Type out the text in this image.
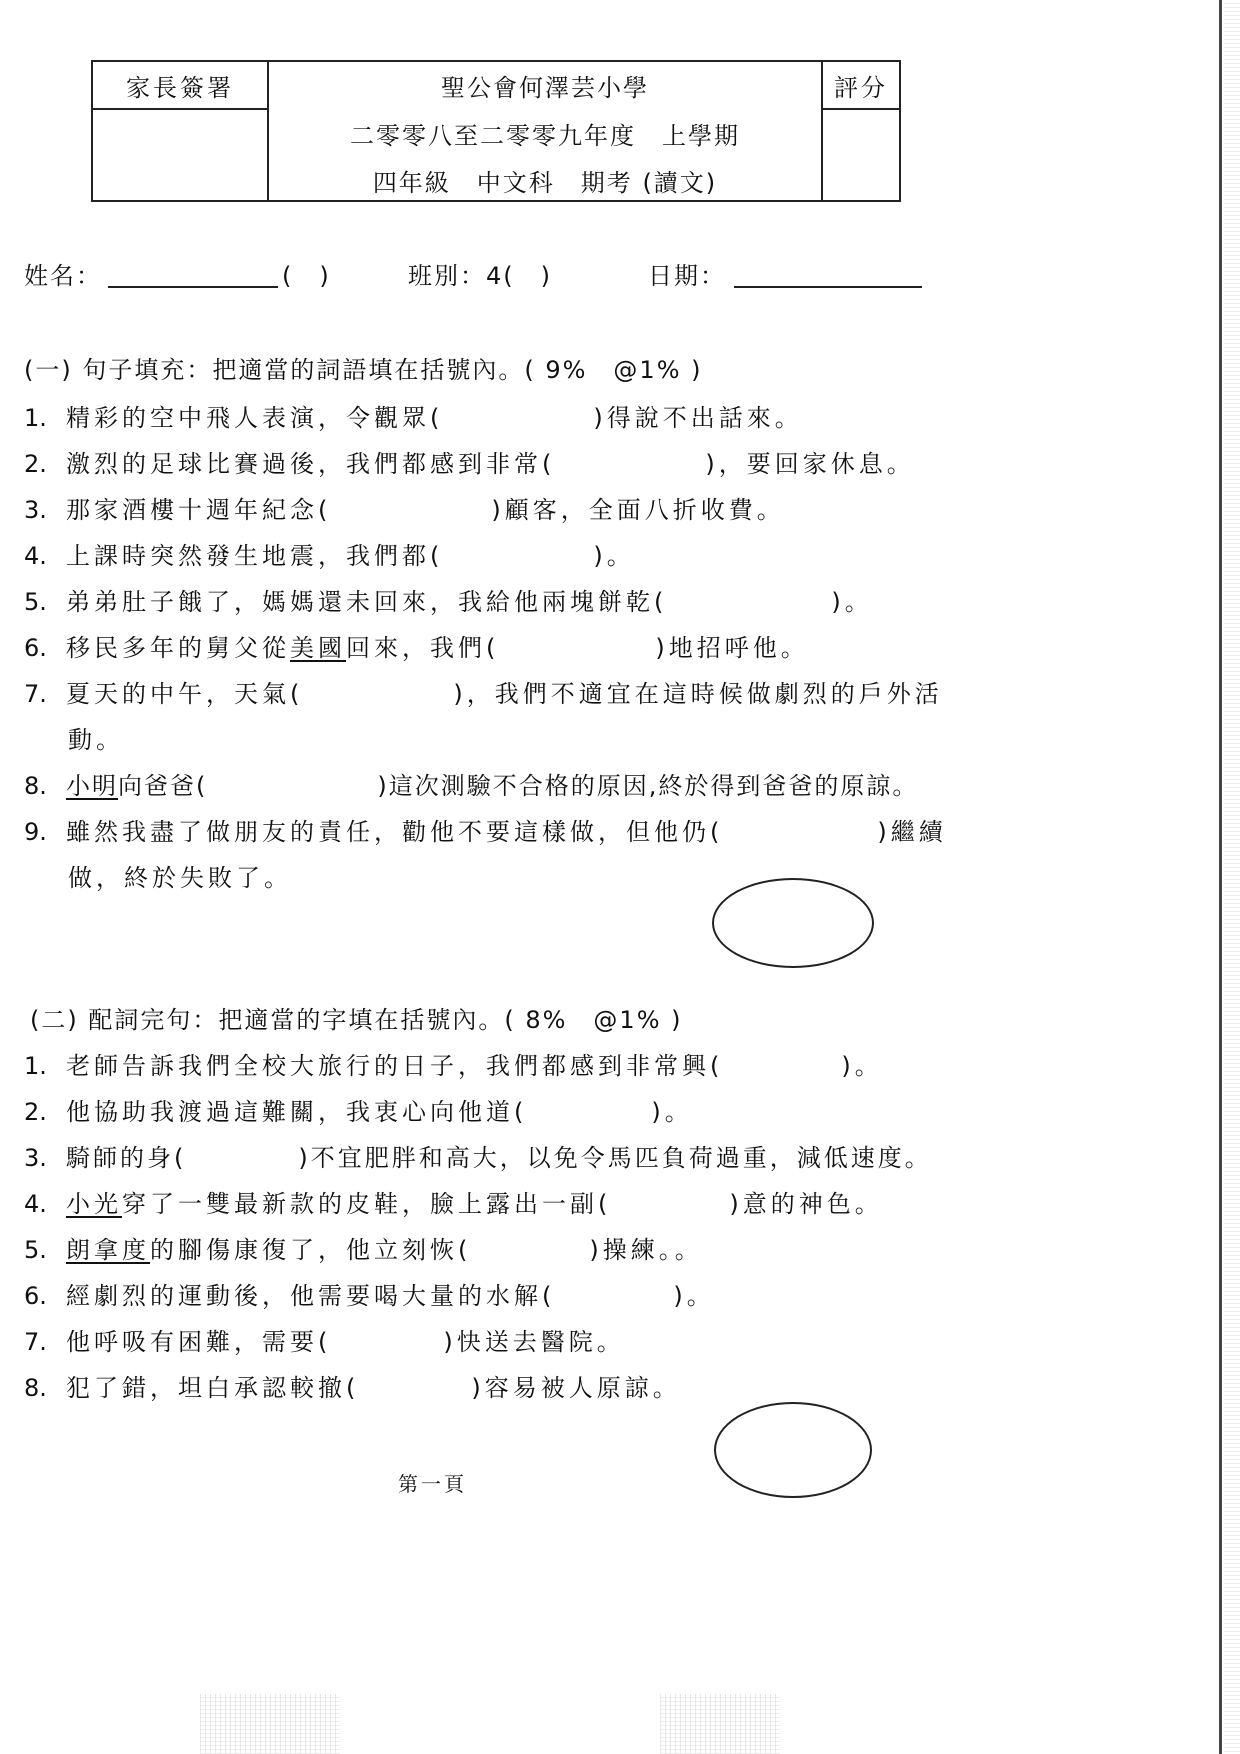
家長簽署	聖公會何澤芸小學
二零零八至二零零九年度　上學期
四年級　中文科　期考 (讀文)
評分
姓名：	(　)	班別：4(　)	日期：
(一) 句子填充：把適當的詞語填在括號內。( 9%　@1% )
1. 精彩的空中飛人表演，令觀眾(	)得說不出話來。
2. 激烈的足球比賽過後，我們都感到非常(	)，要回家休息。
3. 那家酒樓十週年紀念(	)顧客，全面八折收費。
4. 上課時突然發生地震，我們都(	)。
5. 弟弟肚子餓了，媽媽還未回來，我給他兩塊餅乾(	)。
6. 移民多年的舅父從美國回來，我們(	)地招呼他。
7. 夏天的中午，天氣(	)，我們不適宜在這時候做劇烈的戶外活
動。
8. 小明向爸爸(	)這次測驗不合格的原因,終於得到爸爸的原諒。
9. 雖然我盡了做朋友的責任，勸他不要這樣做，但他仍(	)繼續
做，終於失敗了。
(二) 配詞完句：把適當的字填在括號內。( 8%　@1% )
1. 老師告訴我們全校大旅行的日子，我們都感到非常興(	)。
2. 他協助我渡過這難關，我衷心向他道(	)。
3. 騎師的身(	)不宜肥胖和高大，以免令馬匹負荷過重，減低速度。
4. 小光穿了一雙最新款的皮鞋，臉上露出一副(	)意的神色。
5. 朗拿度的腳傷康復了，他立刻恢(	)操練。。
6. 經劇烈的運動後，他需要喝大量的水解(	)。
7. 他呼吸有困難，需要(	)快送去醫院。
8. 犯了錯，坦白承認較撤(	)容易被人原諒。
第一頁
